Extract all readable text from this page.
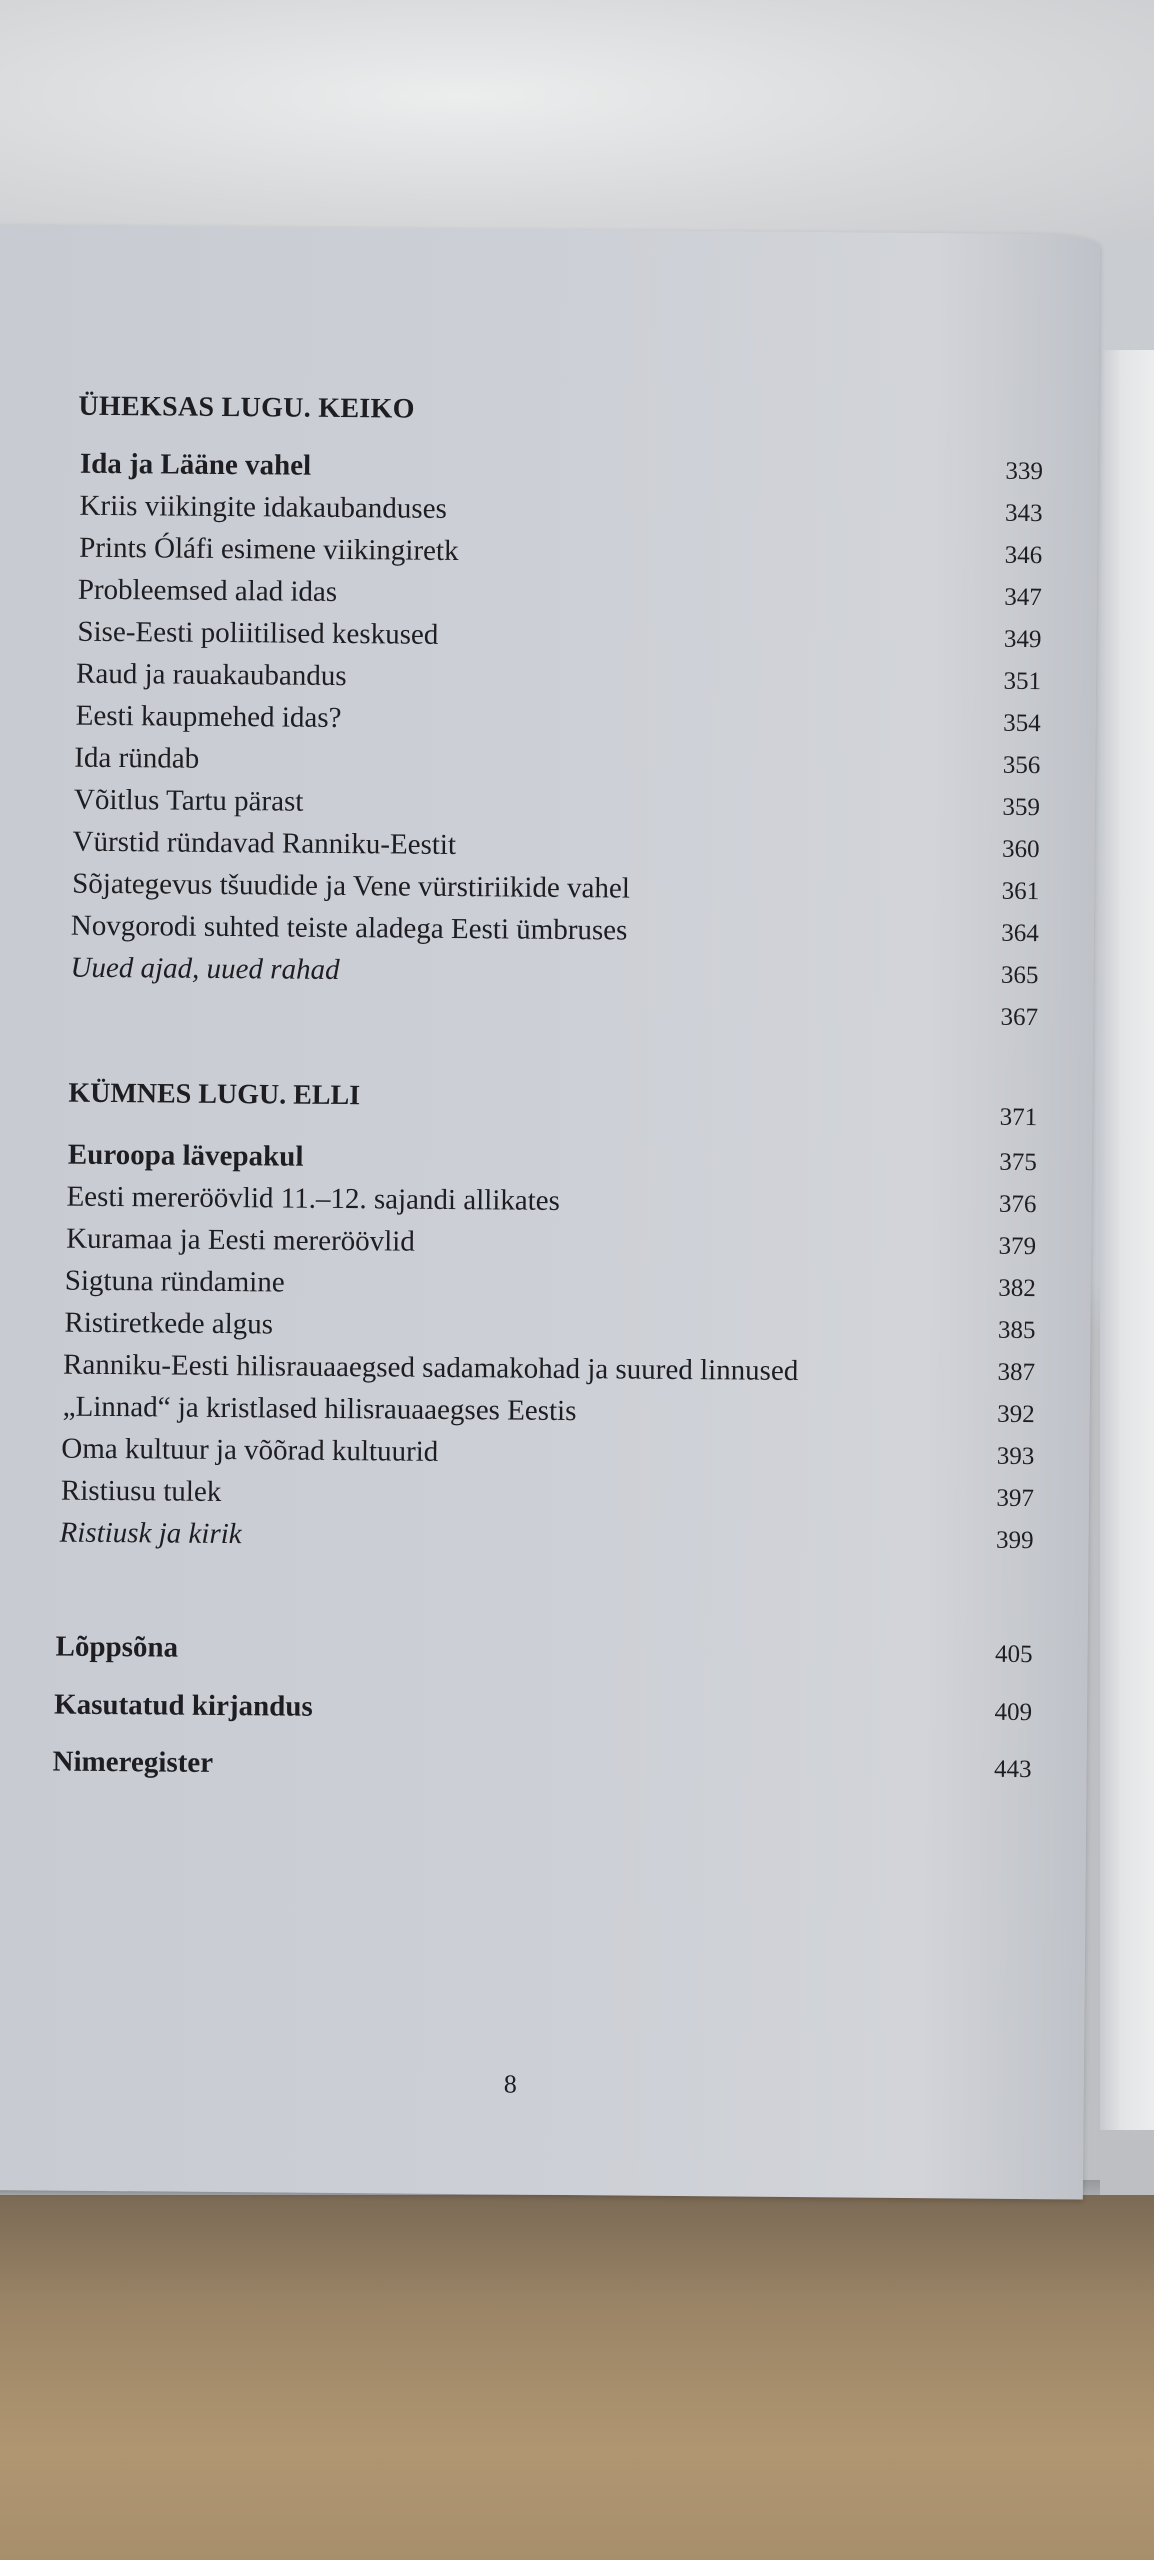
ÜHEKSAS LUGU. KEIKO
Ida ja Lääne vahel	339
Kriis viikingite idakaubanduses	343
Prints Óláfi esimene viikingiretk	346
Probleemsed alad idas	347
Sise-Eesti poliitilised keskused	349
Raud ja rauakaubandus	351
Eesti kaupmehed idas?	354
Ida ründab	356
Võitlus Tartu pärast	359
Vürstid ründavad Ranniku-Eestit	360
Sõjategevus tšuudide ja Vene vürstiriikide vahel	361
Novgorodi suhted teiste aladega Eesti ümbruses	364
Uued ajad, uued rahad	365
367
KÜMNES LUGU. ELLI
371
Euroopa lävepakul	375
Eesti mereröövlid 11.–12. sajandi allikates	376
Kuramaa ja Eesti mereröövlid	379
Sigtuna ründamine	382
Ristiretkede algus	385
Ranniku-Eesti hilisrauaaegsed sadamakohad ja suured linnused	387
„Linnad“ ja kristlased hilisrauaaegses Eestis	392
Oma kultuur ja võõrad kultuurid	393
Ristiusu tulek	397
Ristiusk ja kirik	399
Lõppsõna	405
Kasutatud kirjandus	409
Nimeregister	443
8
